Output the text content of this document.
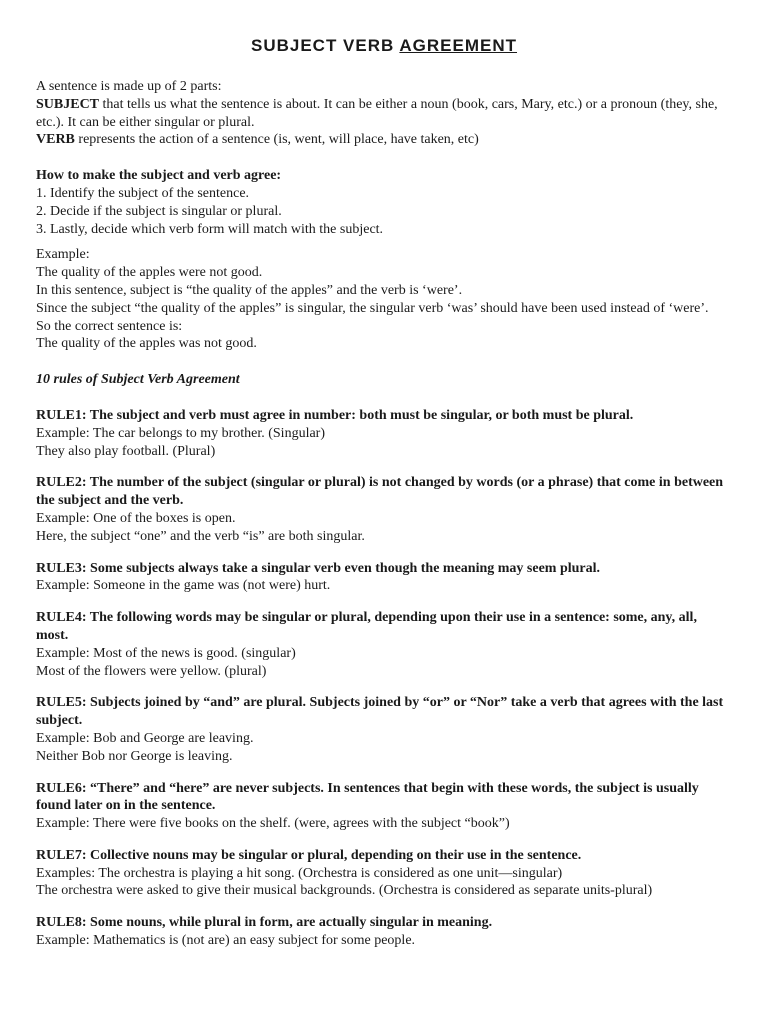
SUBJECT VERB AGREEMENT

A sentence is made up of 2 parts:

SUBJECT that tells us what the sentence is about. It can be either a noun (book, cars, Mary, etc.) or a pronoun (they, she, etc.). It can be either singular or plural.

VERB represents the action of a sentence (is, went, will place, have taken, etc)

How to make the subject and verb agree:

1. Identify the subject of the sentence.

2. Decide if the subject is singular or plural.

3. Lastly, decide which verb form will match with the subject.

Example:

The quality of the apples were not good.

In this sentence, subject is “the quality of the apples” and the verb is ‘were’.

Since the subject “the quality of the apples” is singular, the singular verb ‘was’ should have been used instead of ‘were’.

So the correct sentence is:

The quality of the apples was not good.

10 rules of Subject Verb Agreement

RULE1: The subject and verb must agree in number: both must be singular, or both must be plural.

Example: The car belongs to my brother. (Singular)

They also play football. (Plural)

RULE2: The number of the subject (singular or plural) is not changed by words (or a phrase) that come in between the subject and the verb.

Example: One of the boxes is open.

Here, the subject “one” and the verb “is” are both singular.

RULE3: Some subjects always take a singular verb even though the meaning may seem plural.

Example: Someone in the game was (not were) hurt.

RULE4: The following words may be singular or plural, depending upon their use in a sentence: some, any, all, most.

Example: Most of the news is good. (singular)

Most of the flowers were yellow. (plural)

RULE5: Subjects joined by “and” are plural. Subjects joined by “or” or “Nor” take a verb that agrees with the last subject.

Example: Bob and George are leaving.

Neither Bob nor George is leaving.

RULE6: “There” and “here” are never subjects. In sentences that begin with these words, the subject is usually found later on in the sentence.

Example: There were five books on the shelf. (were, agrees with the subject “book”)

RULE7: Collective nouns may be singular or plural, depending on their use in the sentence.

Examples: The orchestra is playing a hit song. (Orchestra is considered as one unit—singular)

The orchestra were asked to give their musical backgrounds. (Orchestra is considered as separate units-plural)

RULE8: Some nouns, while plural in form, are actually singular in meaning.

Example: Mathematics is (not are) an easy subject for some people.
